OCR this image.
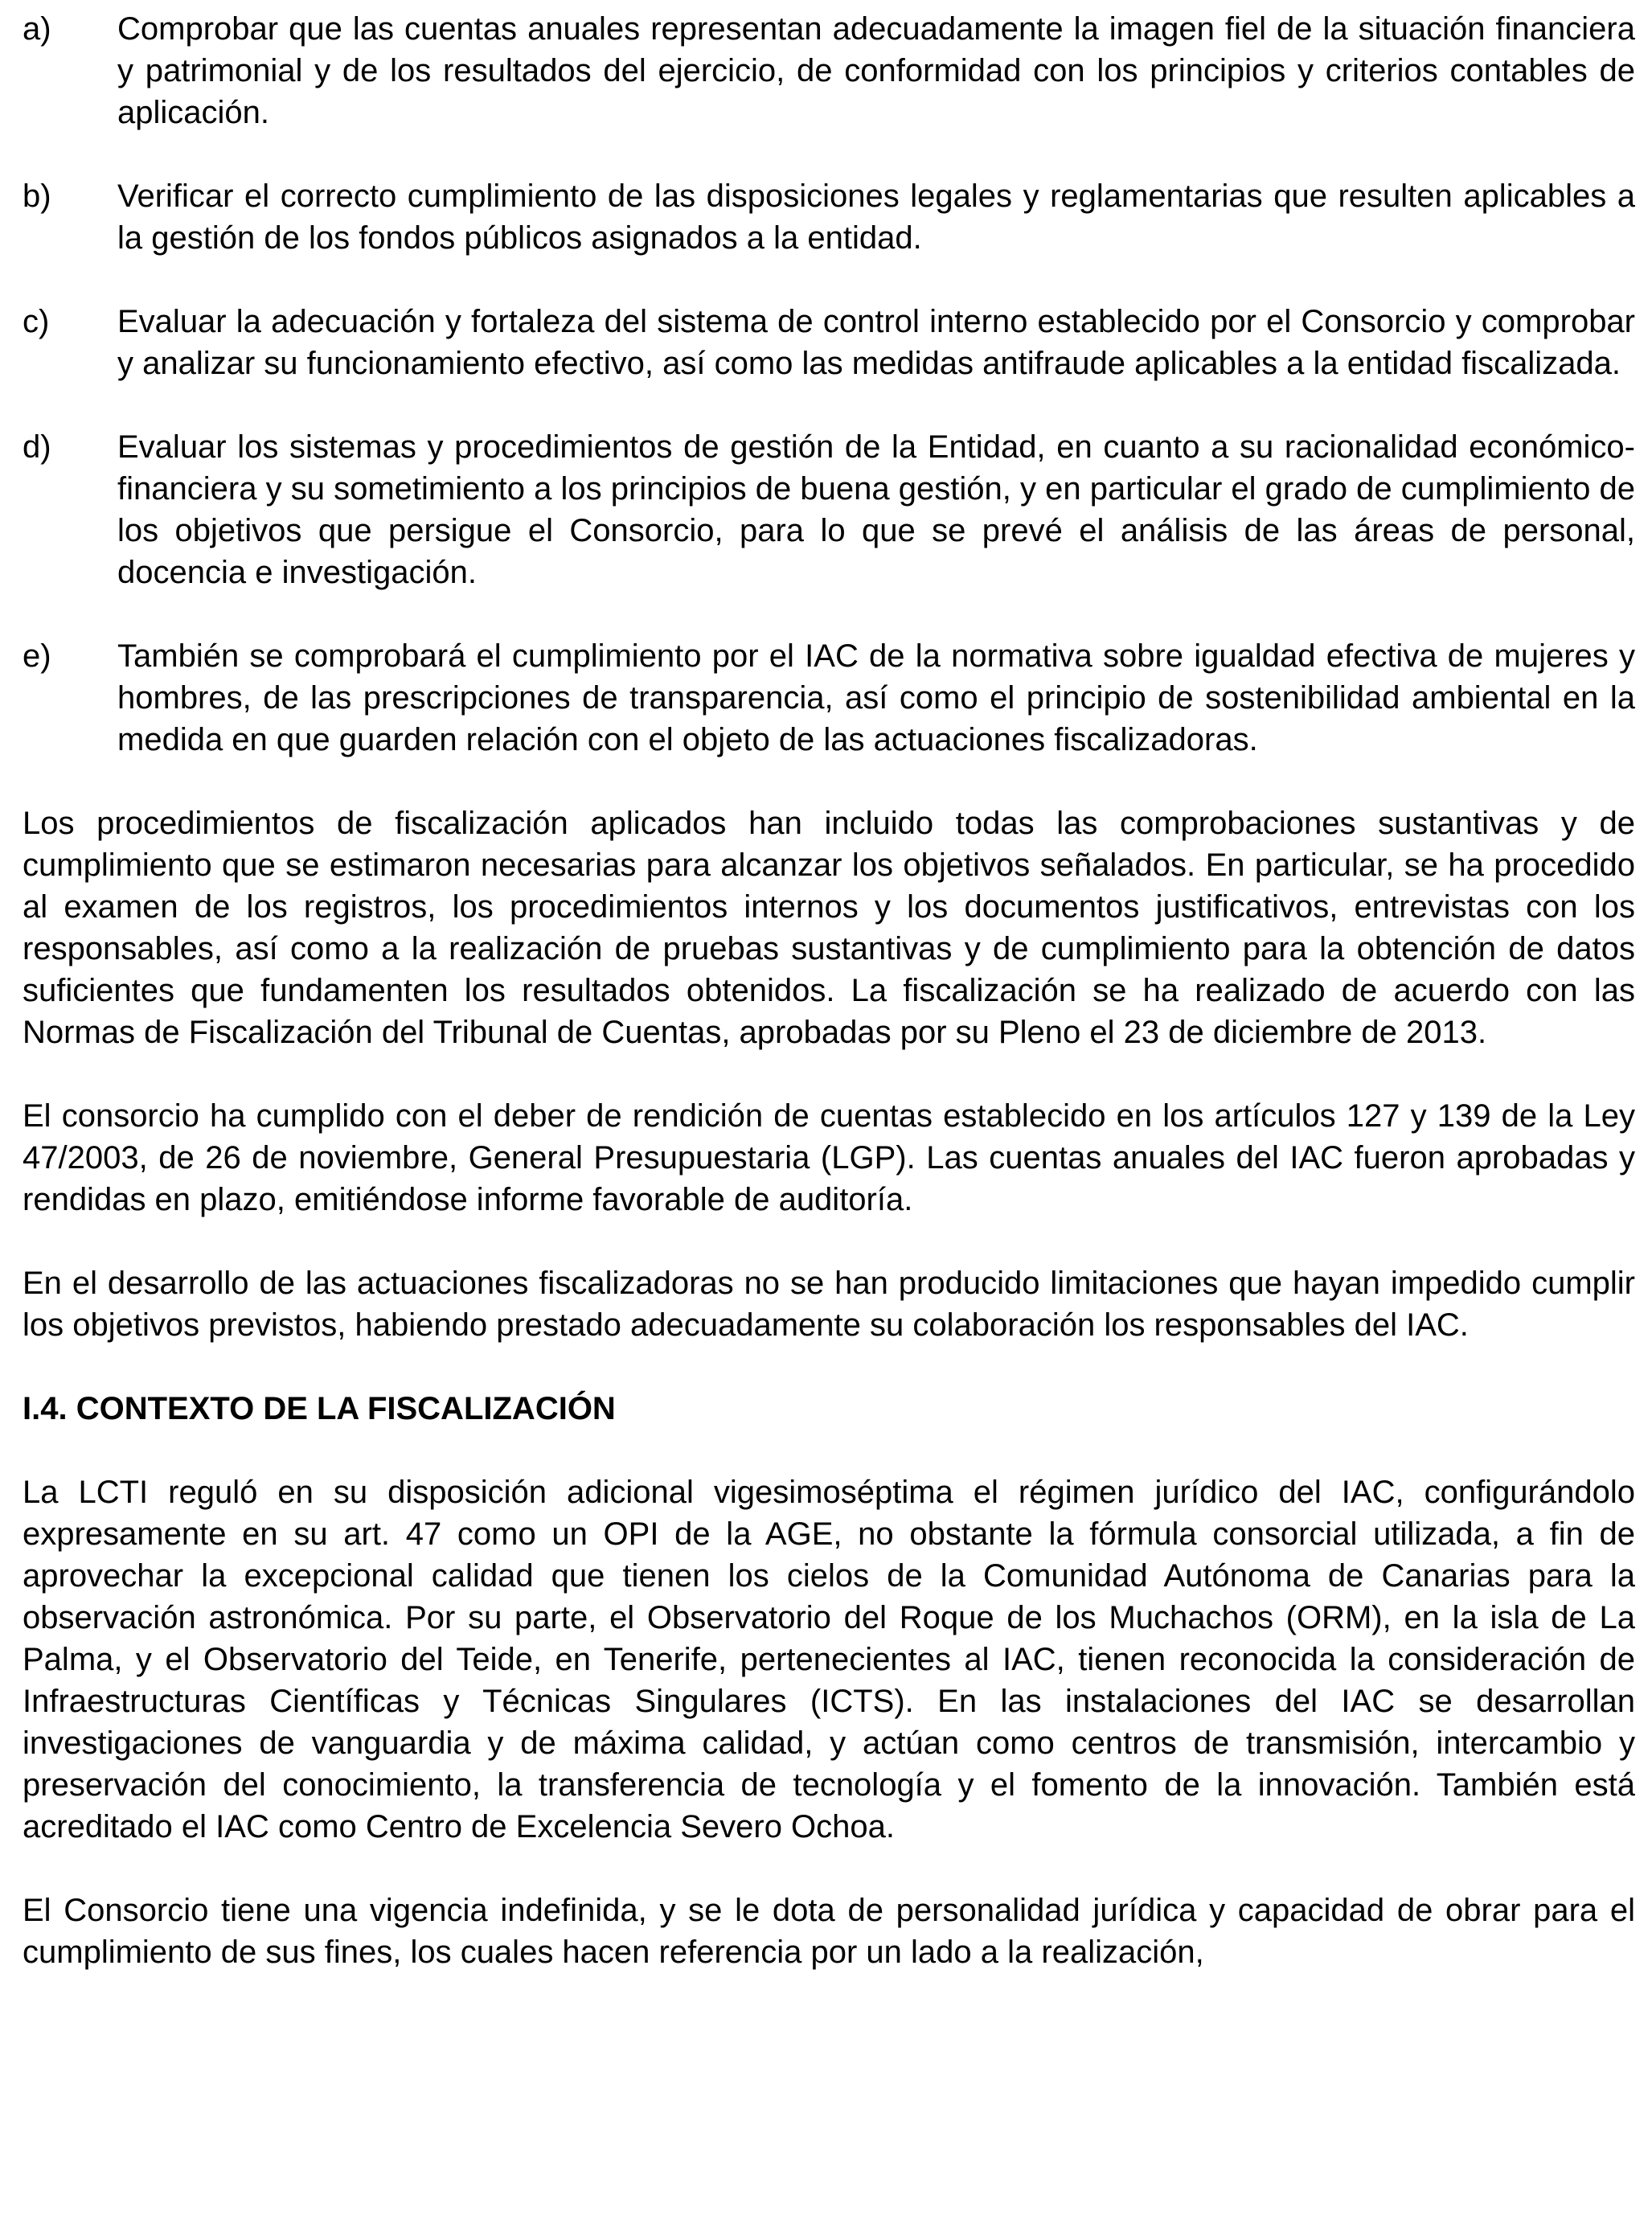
a) Comprobar que las cuentas anuales representan adecuadamente la imagen fiel de la situación financiera y patrimonial y de los resultados del ejercicio, de conformidad con los principios y criterios contables de aplicación.
b) Verificar el correcto cumplimiento de las disposiciones legales y reglamentarias que resulten aplicables a la gestión de los fondos públicos asignados a la entidad.
c) Evaluar la adecuación y fortaleza del sistema de control interno establecido por el Consorcio y comprobar y analizar su funcionamiento efectivo, así como las medidas antifraude aplicables a la entidad fiscalizada.
d) Evaluar los sistemas y procedimientos de gestión de la Entidad, en cuanto a su racionalidad económico-financiera y su sometimiento a los principios de buena gestión, y en particular el grado de cumplimiento de los objetivos que persigue el Consorcio, para lo que se prevé el análisis de las áreas de personal, docencia e investigación.
e) También se comprobará el cumplimiento por el IAC de la normativa sobre igualdad efectiva de mujeres y hombres, de las prescripciones de transparencia, así como el principio de sostenibilidad ambiental en la medida en que guarden relación con el objeto de las actuaciones fiscalizadoras.

Los procedimientos de fiscalización aplicados han incluido todas las comprobaciones sustantivas y de cumplimiento que se estimaron necesarias para alcanzar los objetivos señalados. En particular, se ha procedido al examen de los registros, los procedimientos internos y los documentos justificativos, entrevistas con los responsables, así como a la realización de pruebas sustantivas y de cumplimiento para la obtención de datos suficientes que fundamenten los resultados obtenidos. La fiscalización se ha realizado de acuerdo con las Normas de Fiscalización del Tribunal de Cuentas, aprobadas por su Pleno el 23 de diciembre de 2013.

El consorcio ha cumplido con el deber de rendición de cuentas establecido en los artículos 127 y 139 de la Ley 47/2003, de 26 de noviembre, General Presupuestaria (LGP). Las cuentas anuales del IAC fueron aprobadas y rendidas en plazo, emitiéndose informe favorable de auditoría.

En el desarrollo de las actuaciones fiscalizadoras no se han producido limitaciones que hayan impedido cumplir los objetivos previstos, habiendo prestado adecuadamente su colaboración los responsables del IAC.

I.4. CONTEXTO DE LA FISCALIZACIÓN

La LCTI reguló en su disposición adicional vigesimoséptima el régimen jurídico del IAC, configurándolo expresamente en su art. 47 como un OPI de la AGE, no obstante la fórmula consorcial utilizada, a fin de aprovechar la excepcional calidad que tienen los cielos de la Comunidad Autónoma de Canarias para la observación astronómica. Por su parte, el Observatorio del Roque de los Muchachos (ORM), en la isla de La Palma, y el Observatorio del Teide, en Tenerife, pertenecientes al IAC, tienen reconocida la consideración de Infraestructuras Científicas y Técnicas Singulares (ICTS). En las instalaciones del IAC se desarrollan investigaciones de vanguardia y de máxima calidad, y actúan como centros de transmisión, intercambio y preservación del conocimiento, la transferencia de tecnología y el fomento de la innovación. También está acreditado el IAC como Centro de Excelencia Severo Ochoa.

El Consorcio tiene una vigencia indefinida, y se le dota de personalidad jurídica y capacidad de obrar para el cumplimiento de sus fines, los cuales hacen referencia por un lado a la realización,
